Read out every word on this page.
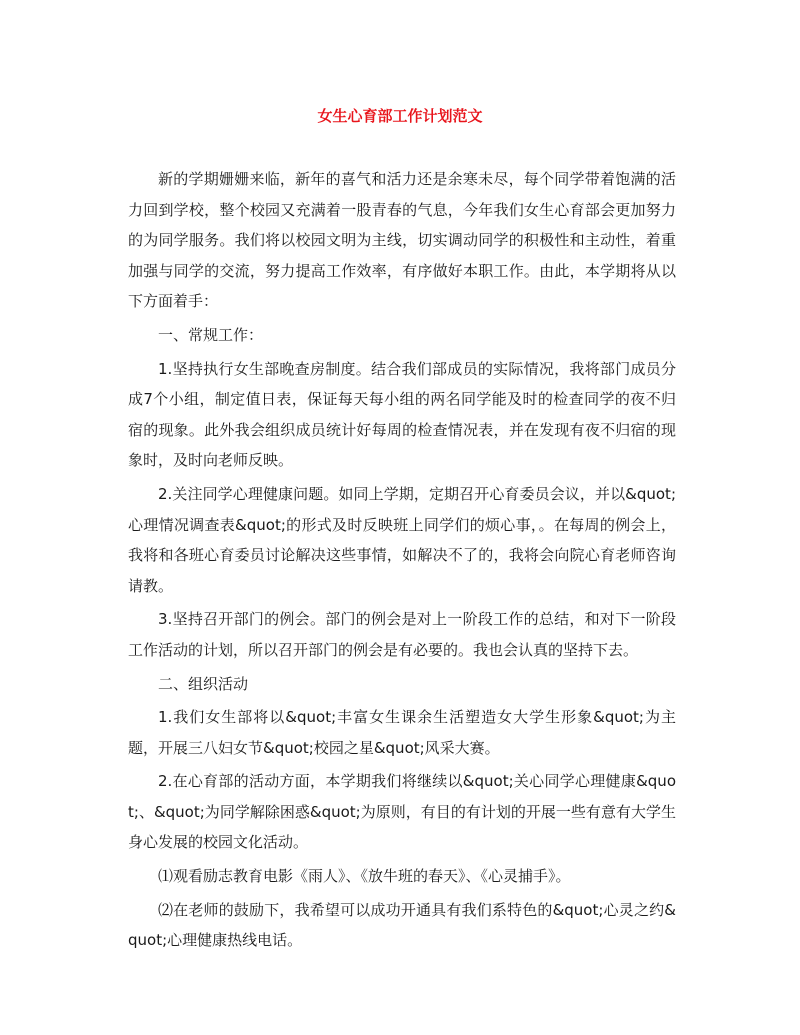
女生心育部工作计划范文

新的学期姗姗来临，新年的喜气和活力还是余寒未尽，每个同学带着饱满的活力回到学校，整个校园又充满着一股青春的气息，今年我们女生心育部会更加努力的为同学服务。我们将以校园文明为主线，切实调动同学的积极性和主动性，着重加强与同学的交流，努力提高工作效率，有序做好本职工作。由此，本学期将从以下方面着手：

一、常规工作：

1.坚持执行女生部晚查房制度。结合我们部成员的实际情况，我将部门成员分成7个小组，制定值日表，保证每天每小组的两名同学能及时的检查同学的夜不归宿的现象。此外我会组织成员统计好每周的检查情况表，并在发现有夜不归宿的现象时，及时向老师反映。

2.关注同学心理健康问题。如同上学期，定期召开心育委员会议，并以&quot;心理情况调查表&quot;的形式及时反映班上同学们的烦心事，。在每周的例会上，我将和各班心育委员讨论解决这些事情，如解决不了的，我将会向院心育老师咨询请教。

3.坚持召开部门的例会。部门的例会是对上一阶段工作的总结，和对下一阶段工作活动的计划，所以召开部门的例会是有必要的。我也会认真的坚持下去。

二、组织活动

1.我们女生部将以&quot;丰富女生课余生活塑造女大学生形象&quot;为主题，开展三八妇女节&quot;校园之星&quot;风采大赛。

2.在心育部的活动方面，本学期我们将继续以&quot;关心同学心理健康&quot;、&quot;为同学解除困惑&quot;为原则，有目的有计划的开展一些有意有大学生身心发展的校园文化活动。

⑴观看励志教育电影《雨人》、《放牛班的春天》、《心灵捕手》。

⑵在老师的鼓励下，我希望可以成功开通具有我们系特色的&quot;心灵之约&quot;心理健康热线电话。
